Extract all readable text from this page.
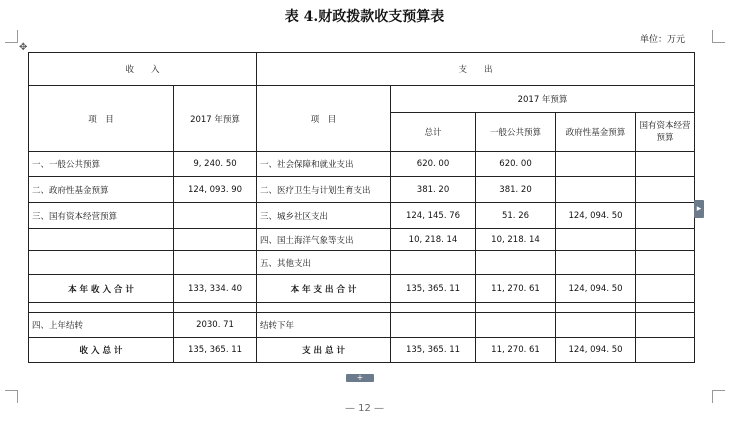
表 4.财政拨款收支预算表
单位：万元
✥
收　　入		支　　出				
项　目	2017 年预算	项　目	2017 年预算			
			总计	一般公共预算	政府性基金预算	国有资本经营预算
一、一般公共预算	9, 240. 50	一、社会保障和就业支出	620. 00	620. 00		
二、政府性基金预算	124, 093. 90	二、医疗卫生与计划生育支出	381. 20	381. 20		
三、国有资本经营预算		三、城乡社区支出	124, 145. 76	51. 26	124, 094. 50	
		四、国土海洋气象等支出	10, 218. 14	10, 218. 14		
		五、其他支出				
本 年 收 入 合 计	133, 334. 40	本 年 支 出 合 计	135, 365. 11	11, 270. 61	124, 094. 50	

四、上年结转	2030. 71	结转下年				
收 入 总 计	135, 365. 11	支 出 总 计	135, 365. 11	11, 270. 61	124, 094. 50	
▸
+
— 12 —
